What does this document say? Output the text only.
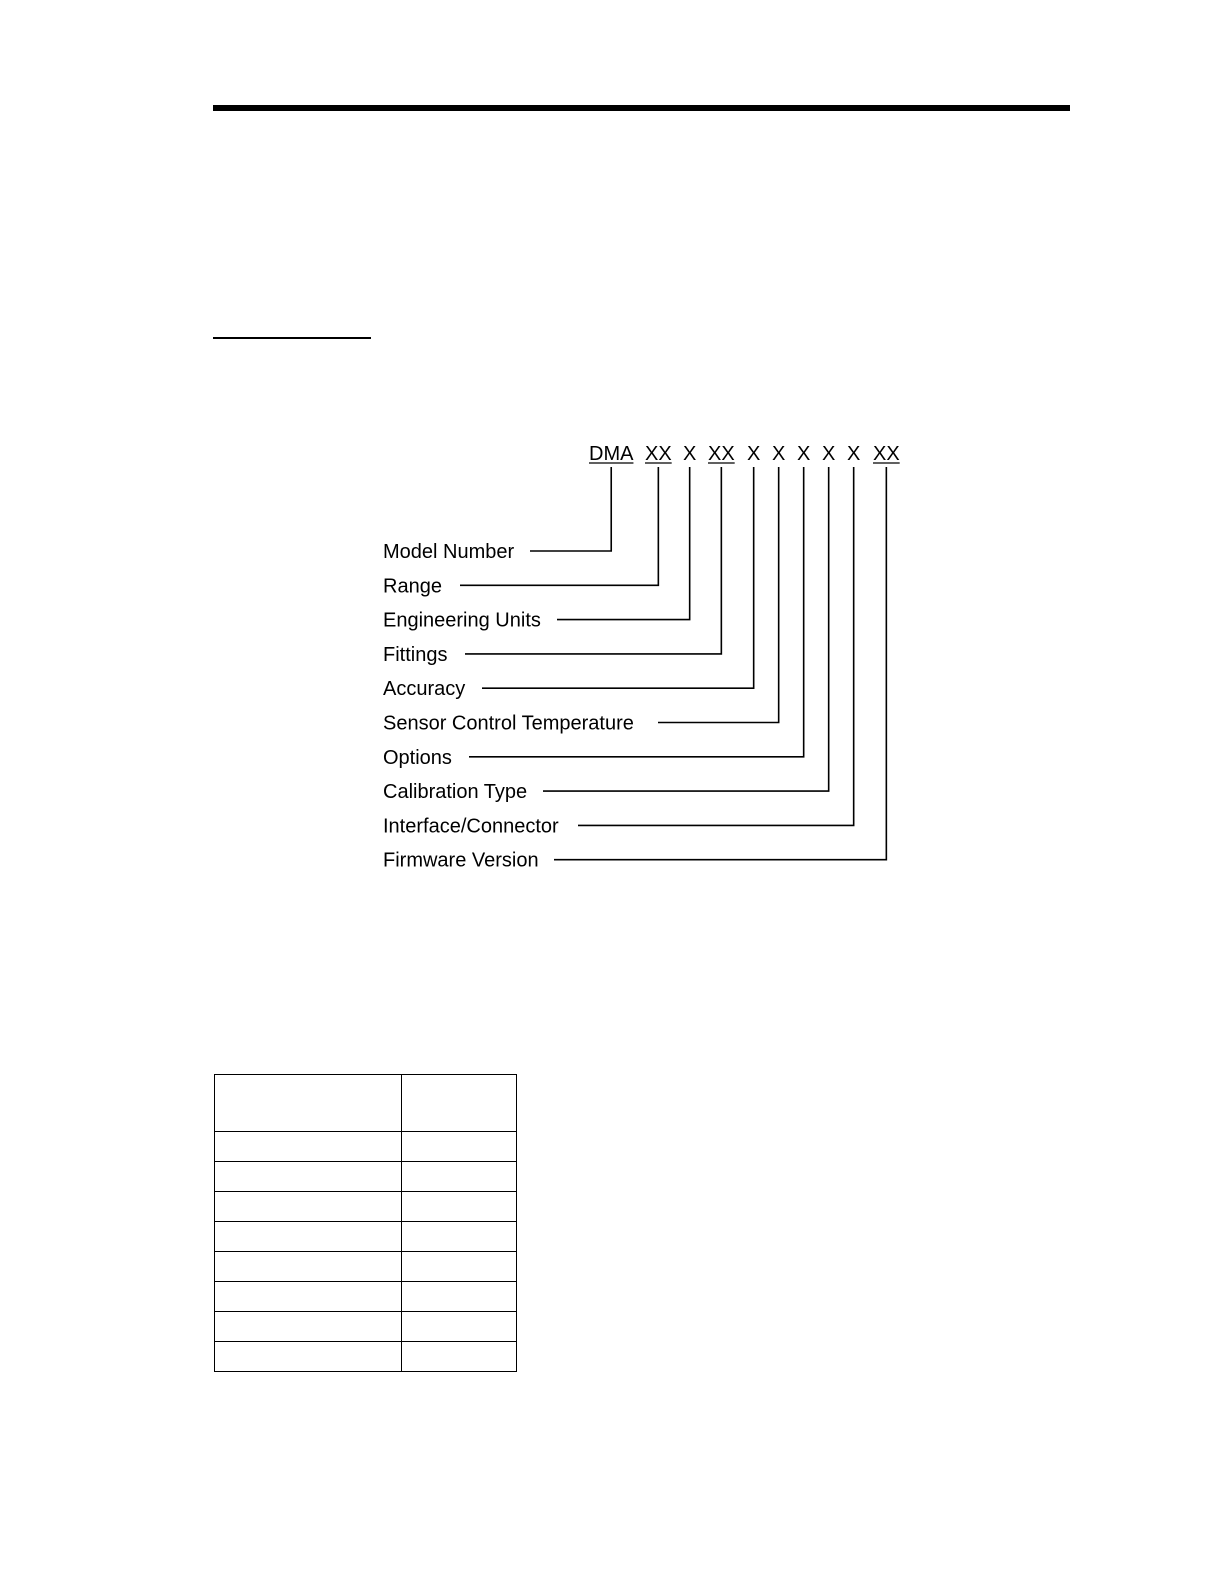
DMA XX X XX X X X X X XX
Model Number
Range
Engineering Units
Fittings
Accuracy
Sensor Control Temperature
Options
Calibration Type
Interface/Connector
Firmware Version
